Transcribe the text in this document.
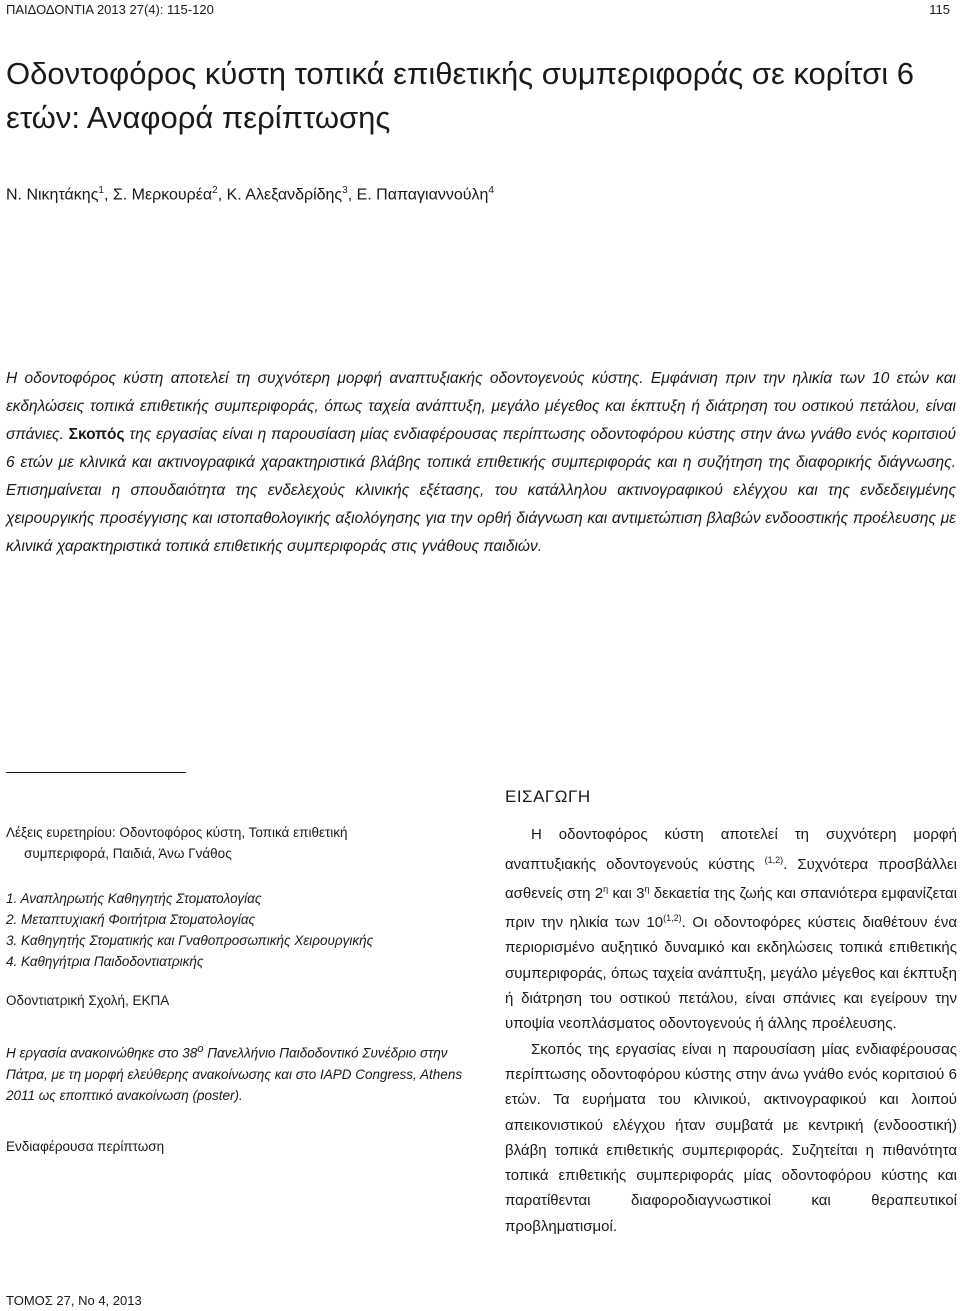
ΠΑΙΔΟΔΟΝΤΙΑ 2013 27(4): 115-120	115
Οδοντοφόρος κύστη τοπικά επιθετικής συμπεριφοράς σε κορίτσι 6 ετών: Αναφορά περίπτωσης
Ν. Νικητάκης$^1$, Σ. Μερκουρέα$^2$, Κ. Αλεξανδρίδης$^3$, Ε. Παπαγιαννούλη$^4$
Η οδοντοφόρος κύστη αποτελεί τη συχνότερη μορφή αναπτυξιακής οδοντογενούς κύστης. Εμφάνιση πριν την ηλικία των 10 ετών και εκδηλώσεις τοπικά επιθετικής συμπεριφοράς, όπως ταχεία ανάπτυξη, μεγάλο μέγεθος και έκπτυξη ή διάτρηση του οστικού πετάλου, είναι σπάνιες. Σκοπός της εργασίας είναι η παρουσίαση μίας ενδιαφέρουσας περίπτωσης οδοντοφόρου κύστης στην άνω γνάθο ενός κοριτσιού 6 ετών με κλινικά και ακτινογραφικά χαρακτηριστικά βλάβης τοπικά επιθετικής συμπεριφοράς και η συζήτηση της διαφορικής διάγνωσης. Επισημαίνεται η σπουδαιότητα της ενδελεχούς κλινικής εξέτασης, του κατάλληλου ακτινογραφικού ελέγχου και της ενδεδειγμένης χειρουργικής προσέγγισης και ιστοπαθολογικής αξιολόγησης για την ορθή διάγνωση και αντιμετώπιση βλαβών ενδοοστικής προέλευσης με κλινικά χαρακτηριστικά τοπικά επιθετικής συμπεριφοράς στις γνάθους παιδιών.
Λέξεις ευρετηρίου: Οδοντοφόρος κύστη, Τοπικά επιθετική
συμπεριφορά, Παιδιά, Άνω Γνάθος
1. Αναπληρωτής Καθηγητής Στοματολογίας
2. Μεταπτυχιακή Φοιτήτρια Στοματολογίας
3. Καθηγητής Στοματικής και Γναθοπροσωπικής Χειρουργικής
4. Καθηγήτρια Παιδοδοντιατρικής
Οδοντιατρική Σχολή, ΕΚΠΑ
Η εργασία ανακοινώθηκε στο $38^o$ Πανελλήνιο Παιδοδοντικό Συνέδριο στην Πάτρα, με τη μορφή ελεύθερης ανακοίνωσης και στο IAPD Congress, Athens 2011 ως εποπτικό ανακοίνωση (poster).
Ενδιαφέρουσα περίπτωση
ΕΙΣΑΓΩΓΗ

Η οδοντοφόρος κύστη αποτελεί τη συχνότερη μορφή αναπτυξιακής οδοντογενούς κύστης $^{(1,2)}$. Συχνότερα προσβάλλει ασθενείς στη $2^\eta$ και $3^\eta$ δεκαετία της ζωής και σπανιότερα εμφανίζεται πριν την ηλικία των 10$^{(1,2)}$. Οι οδοντοφόρες κύστεις διαθέτουν ένα περιορισμένο αυξητικό δυναμικό και εκδηλώσεις τοπικά επιθετικής συμπεριφοράς, όπως ταχεία ανάπτυξη, μεγάλο μέγεθος και έκπτυξη ή διάτρηση του οστικού πετάλου, είναι σπάνιες και εγείρουν την υποψία νεοπλάσματος οδοντογενούς ή άλλης προέλευσης.

Σκοπός της εργασίας είναι η παρουσίαση μίας ενδιαφέρουσας περίπτωσης οδοντοφόρου κύστης στην άνω γνάθο ενός κοριτσιού 6 ετών. Τα ευρήματα του κλινικού, ακτινογραφικού και λοιπού απεικονιστικού ελέγχου ήταν συμβατά με κεντρική (ενδοοστική) βλάβη τοπικά επιθετικής συμπεριφοράς. Συζητείται η πιθανότητα τοπικά επιθετικής συμπεριφοράς μίας οδοντοφόρου κύστης και παρατίθενται διαφοροδιαγνωστικοί και θεραπευτικοί προβληματισμοί.

ΤΟΜΟΣ 27, Νο 4, 2013
